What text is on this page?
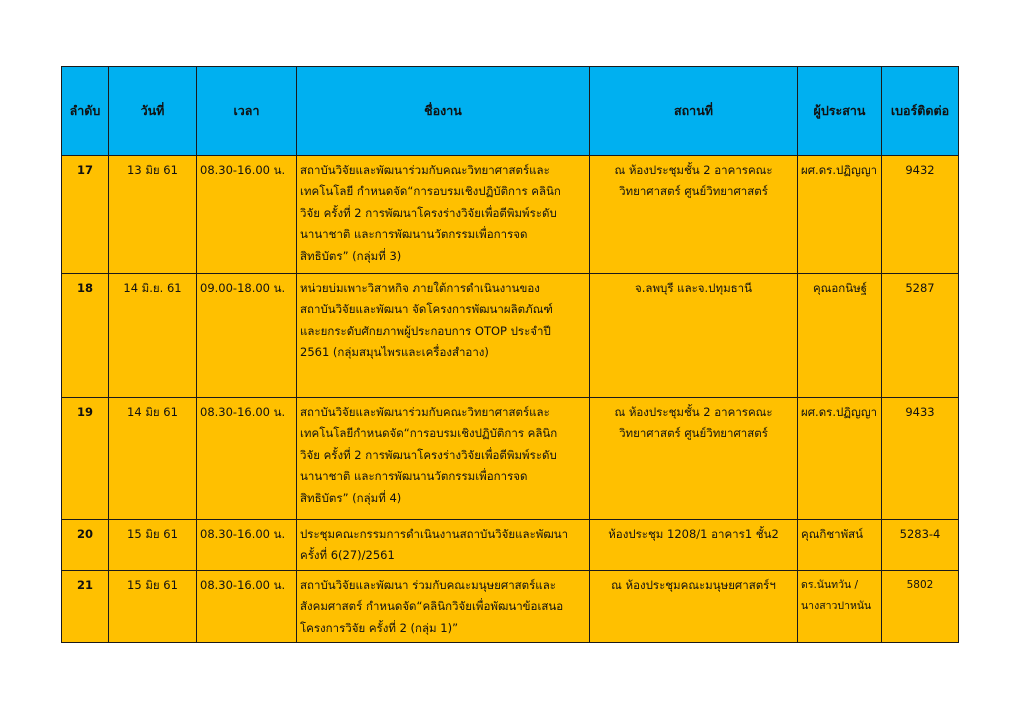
ลำดับ	วันที่	เวลา	ชื่องาน	สถานที่	ผู้ประสาน	เบอร์ติดต่อ
17	13 มิย 61	08.30-16.00 น.	สถาบันวิจัยและพัฒนาร่วมกับคณะวิทยาศาสตร์และ
เทคโนโลยี กำหนดจัด“การอบรมเชิงปฏิบัติการ คลินิก
วิจัย ครั้งที่ 2 การพัฒนาโครงร่างวิจัยเพื่อตีพิมพ์ระดับ
นานาชาติ และการพัฒนานวัตกรรมเพื่อการจด
สิทธิบัตร” (กลุ่มที่ 3)	ณ ห้องประชุมชั้น 2 อาคารคณะ
วิทยาศาสตร์ ศูนย์วิทยาศาสตร์	ผศ.ดร.ปฏิญญา	9432
18	14 มิ.ย. 61	09.00-18.00 น.	หน่วยบ่มเพาะวิสาหกิจ ภายใต้การดำเนินงานของ
สถาบันวิจัยและพัฒนา จัดโครงการพัฒนาผลิตภัณฑ์
และยกระดับศักยภาพผู้ประกอบการ OTOP ประจำปี
2561 (กลุ่มสมุนไพรและเครื่องสำอาง)	จ.ลพบุรี และจ.ปทุมธานี	คุณอกนิษฐ์	5287
19	14 มิย 61	08.30-16.00 น.	สถาบันวิจัยและพัฒนาร่วมกับคณะวิทยาศาสตร์และ
เทคโนโลยีกำหนดจัด“การอบรมเชิงปฏิบัติการ คลินิก
วิจัย ครั้งที่ 2 การพัฒนาโครงร่างวิจัยเพื่อตีพิมพ์ระดับ
นานาชาติ และการพัฒนานวัตกรรมเพื่อการจด
สิทธิบัตร” (กลุ่มที่ 4)	ณ ห้องประชุมชั้น 2 อาคารคณะ
วิทยาศาสตร์ ศูนย์วิทยาศาสตร์	ผศ.ดร.ปฏิญญา	9433
20	15 มิย 61	08.30-16.00 น.	ประชุมคณะกรรมการดำเนินงานสถาบันวิจัยและพัฒนา
ครั้งที่ 6(27)/2561	ห้องประชุม 1208/1 อาคาร1 ชั้น2	คุณกิชาพัสน์	5283-4
21	15 มิย 61	08.30-16.00 น.	สถาบันวิจัยและพัฒนา ร่วมกับคณะมนุษยศาสตร์และ
สังคมศาสตร์ กำหนดจัด“คลินิกวิจัยเพื่อพัฒนาข้อเสนอ
โครงการวิจัย ครั้งที่ 2 (กลุ่ม 1)”	ณ ห้องประชุมคณะมนุษยศาสตร์ฯ	ดร.นันทวัน /
นางสาวปาหนัน	5802
